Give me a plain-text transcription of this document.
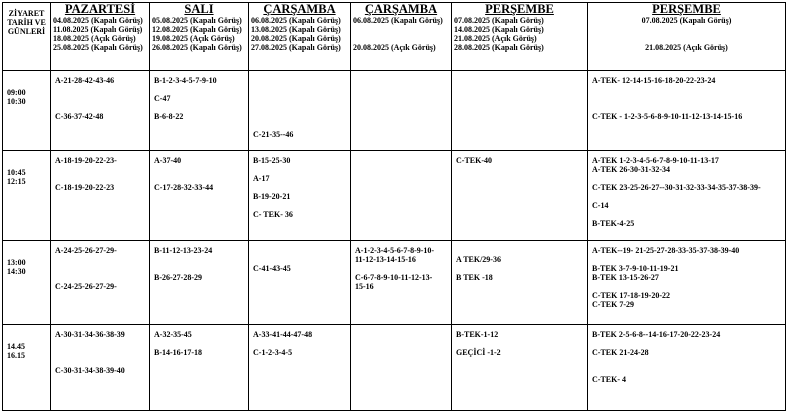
ZİYARET
TARİH VE
GÜNLERİ	PAZARTESİ
04.08.2025 (Kapalı Görüş)
11.08.2025 (Kapalı Görüş)
18.08.2025 (Açık Görüş)
25.08.2025 (Kapalı Görüş)	SALI
05.08.2025 (Kapalı Görüş)
12.08.2025 (Kapalı Görüş)
19.08.2025 (Açık Görüş)
26.08.2025 (Kapalı Görüş)	ÇARŞAMBA
06.08.2025 (Kapalı Görüş)
13.08.2025 (Kapalı Görüş)
20.08.2025 (Kapalı Görüş)
27.08.2025 (Kapalı Görüş)	ÇARŞAMBA
06.08.2025 (Kapalı Görüş)

20.08.2025 (Açık Görüş)	PERŞEMBE
07.08.2025 (Kapalı Görüş)
14.08.2025 (Kapalı Görüş)
21.08.2025 (Açık Görüş)
28.08.2025 (Kapalı Görüş)	PERŞEMBE
07.08.2025 (Kapalı Görüş)

21.08.2025 (Açık Görüş)

09:00
10:30	A-21-28-42-43-46
C-36-37-42-48	B-1-2-3-4-5-7-9-10
C-47
B-6-8-22	C-21-35--46			A-TEK- 12-14-15-16-18-20-22-23-24
C-TEK - 1-2-3-5-6-8-9-10-11-12-13-14-15-16

10:45
12:15	A-18-19-20-22-23-
C-18-19-20-22-23	A-37-40
C-17-28-32-33-44	B-15-25-30
A-17
B-19-20-21
C- TEK- 36		C-TEK-40	A-TEK 1-2-3-4-5-6-7-8-9-10-11-13-17
A-TEK 26-30-31-32-34
C-TEK 23-25-26-27--30-31-32-33-34-35-37-38-39-
C-14
B-TEK-4-25

13:00
14:30	A-24-25-26-27-29-
C-24-25-26-27-29-	B-11-12-13-23-24
B-26-27-28-29	C-41-43-45	A-1-2-3-4-5-6-7-8-9-10-
11-12-13-14-15-16
C-6-7-8-9-10-11-12-13-
15-16	A TEK/29-36
B TEK -18	A-TEK--19- 21-25-27-28-33-35-37-38-39-40
B-TEK 3-7-9-10-11-19-21
B-TEK 13-15-26-27
C-TEK 17-18-19-20-22
C-TEK 7-29

14.45
16.15	A-30-31-34-36-38-39
C-30-31-34-38-39-40	A-32-35-45
B-14-16-17-18	A-33-41-44-47-48
C-1-2-3-4-5		B-TEK-1-12
GEÇİCİ -1-2	B-TEK 2-5-6-8--14-16-17-20-22-23-24
C-TEK 21-24-28
C-TEK- 4
